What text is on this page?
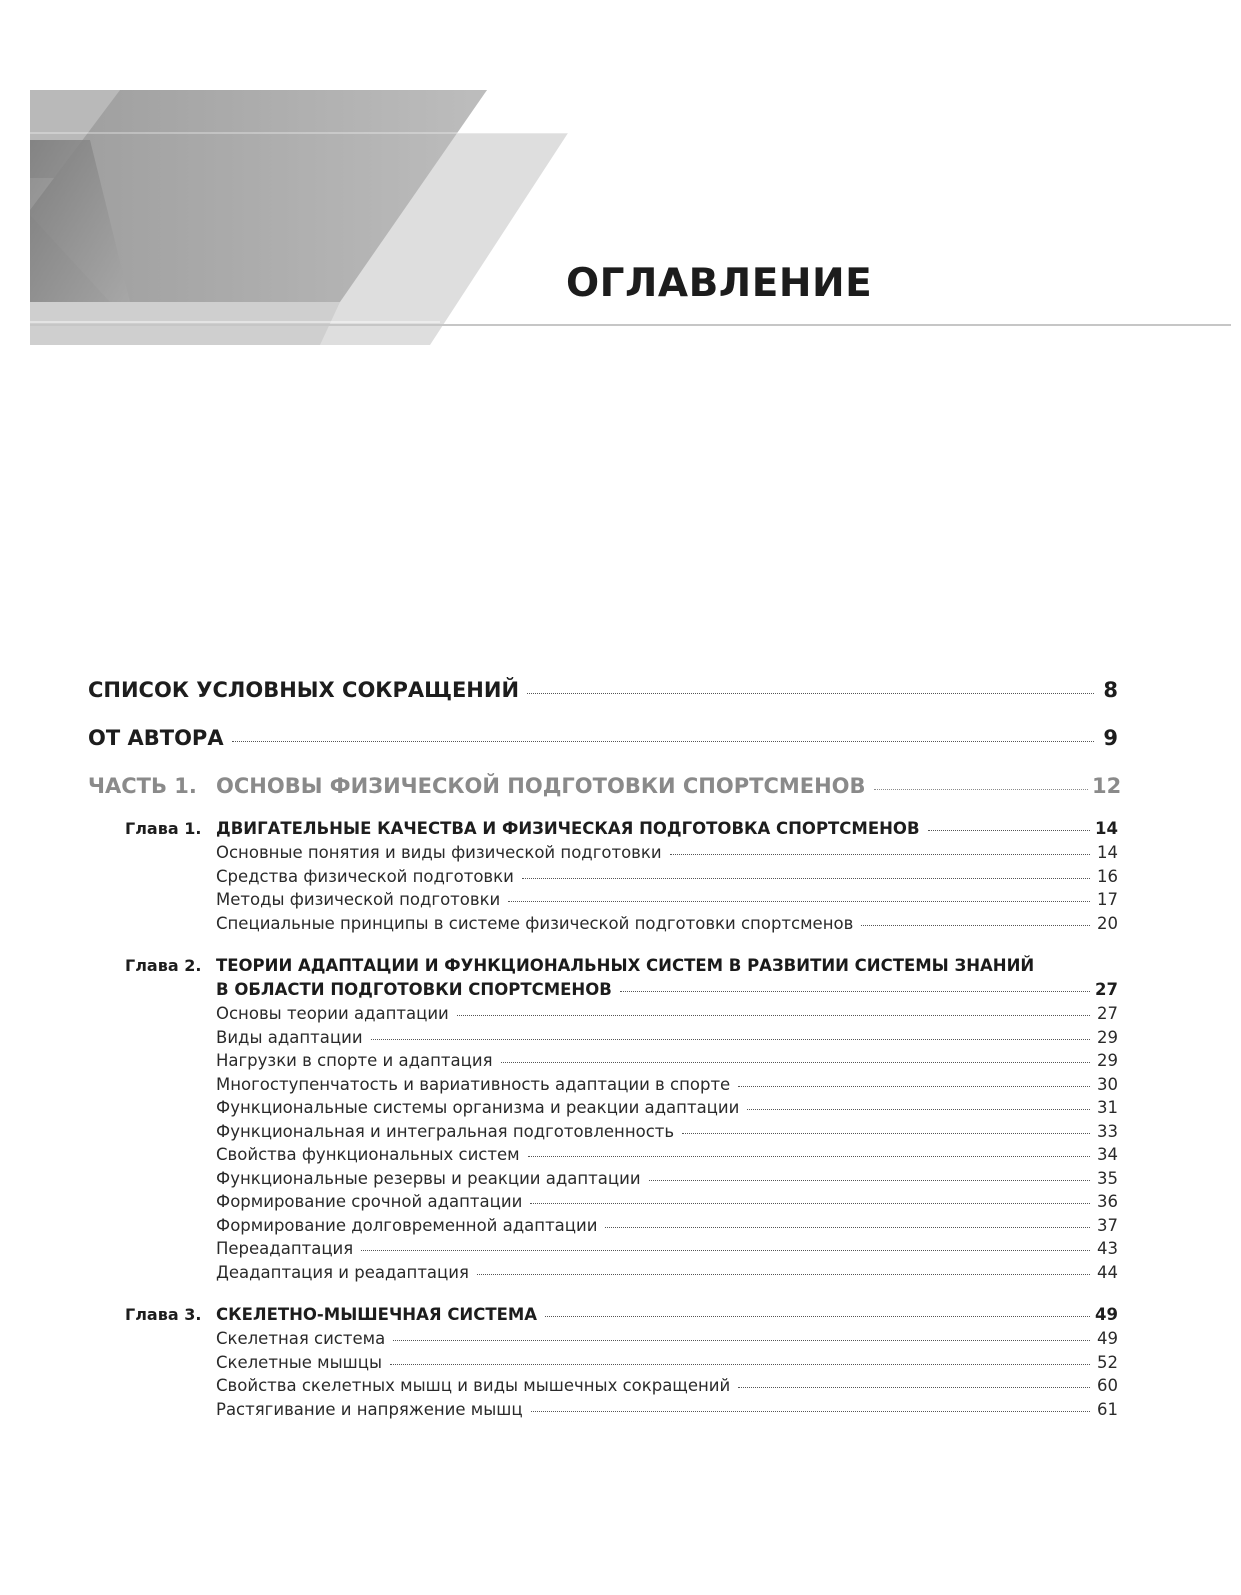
ОГЛАВЛЕНИЕ
СПИСОК УСЛОВНЫХ СОКРАЩЕНИЙ	8
ОТ АВТОРА	9
ЧАСТЬ 1. ОСНОВЫ ФИЗИЧЕСКОЙ ПОДГОТОВКИ СПОРТСМЕНОВ	12
Глава 1. ДВИГАТЕЛЬНЫЕ КАЧЕСТВА И ФИЗИЧЕСКАЯ ПОДГОТОВКА СПОРТСМЕНОВ	14
Основные понятия и виды физической подготовки	14
Средства физической подготовки	16
Методы физической подготовки	17
Специальные принципы в системе физической подготовки спортсменов	20
Глава 2. ТЕОРИИ АДАПТАЦИИ И ФУНКЦИОНАЛЬНЫХ СИСТЕМ В РАЗВИТИИ СИСТЕМЫ ЗНАНИЙ
В ОБЛАСТИ ПОДГОТОВКИ СПОРТСМЕНОВ	27
Основы теории адаптации	27
Виды адаптации	29
Нагрузки в спорте и адаптация	29
Многоступенчатость и вариативность адаптации в спорте	30
Функциональные системы организма и реакции адаптации	31
Функциональная и интегральная подготовленность	33
Свойства функциональных систем	34
Функциональные резервы и реакции адаптации	35
Формирование срочной адаптации	36
Формирование долговременной адаптации	37
Переадаптация	43
Деадаптация и реадаптация	44
Глава 3. СКЕЛЕТНО-МЫШЕЧНАЯ СИСТЕМА	49
Скелетная система	49
Скелетные мышцы	52
Свойства скелетных мышц и виды мышечных сокращений	60
Растягивание и напряжение мышц	61
